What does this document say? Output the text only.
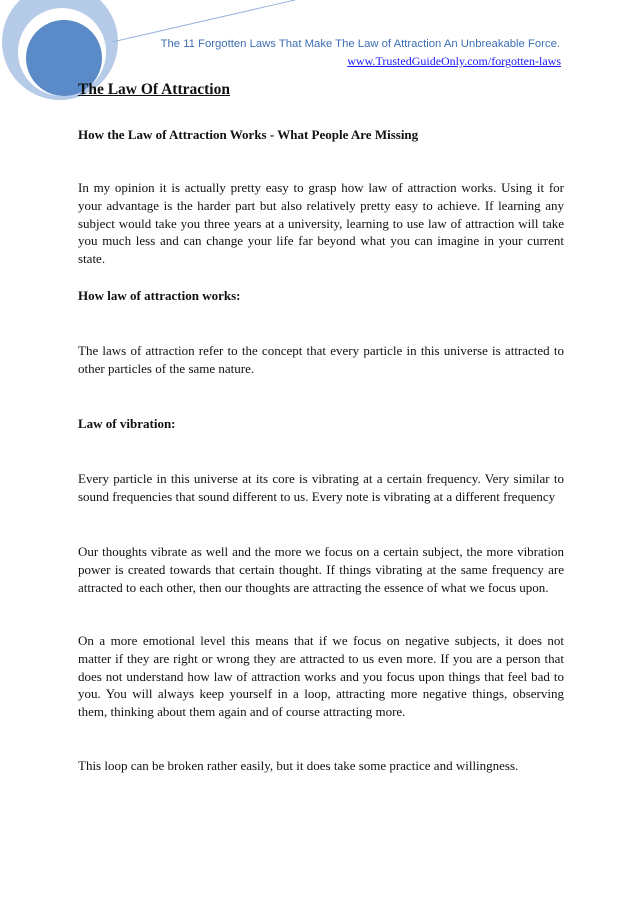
The 11 Forgotten Laws That Make The Law of Attraction An Unbreakable Force.
www.TrustedGuideOnly.com/forgotten-laws
The Law Of Attraction
How the Law of Attraction Works - What People Are Missing

In my opinion it is actually pretty easy to grasp how law of attraction works. Using it for your advantage is the harder part but also relatively pretty easy to achieve. If learning any subject would take you three years at a university, learning to use law of attraction will take you much less and can change your life far beyond what you can imagine in your current state.

How law of attraction works:

The laws of attraction refer to the concept that every particle in this universe is attracted to other particles of the same nature.

Law of vibration:

Every particle in this universe at its core is vibrating at a certain frequency. Very similar to sound frequencies that sound different to us. Every note is vibrating at a different frequency

Our thoughts vibrate as well and the more we focus on a certain subject, the more vibration power is created towards that certain thought. If things vibrating at the same frequency are attracted to each other, then our thoughts are attracting the essence of what we focus upon.

On a more emotional level this means that if we focus on negative subjects, it does not matter if they are right or wrong they are attracted to us even more. If you are a person that does not understand how law of attraction works and you focus upon things that feel bad to you. You will always keep yourself in a loop, attracting more negative things, observing them, thinking about them again and of course attracting more.

This loop can be broken rather easily, but it does take some practice and willingness.
